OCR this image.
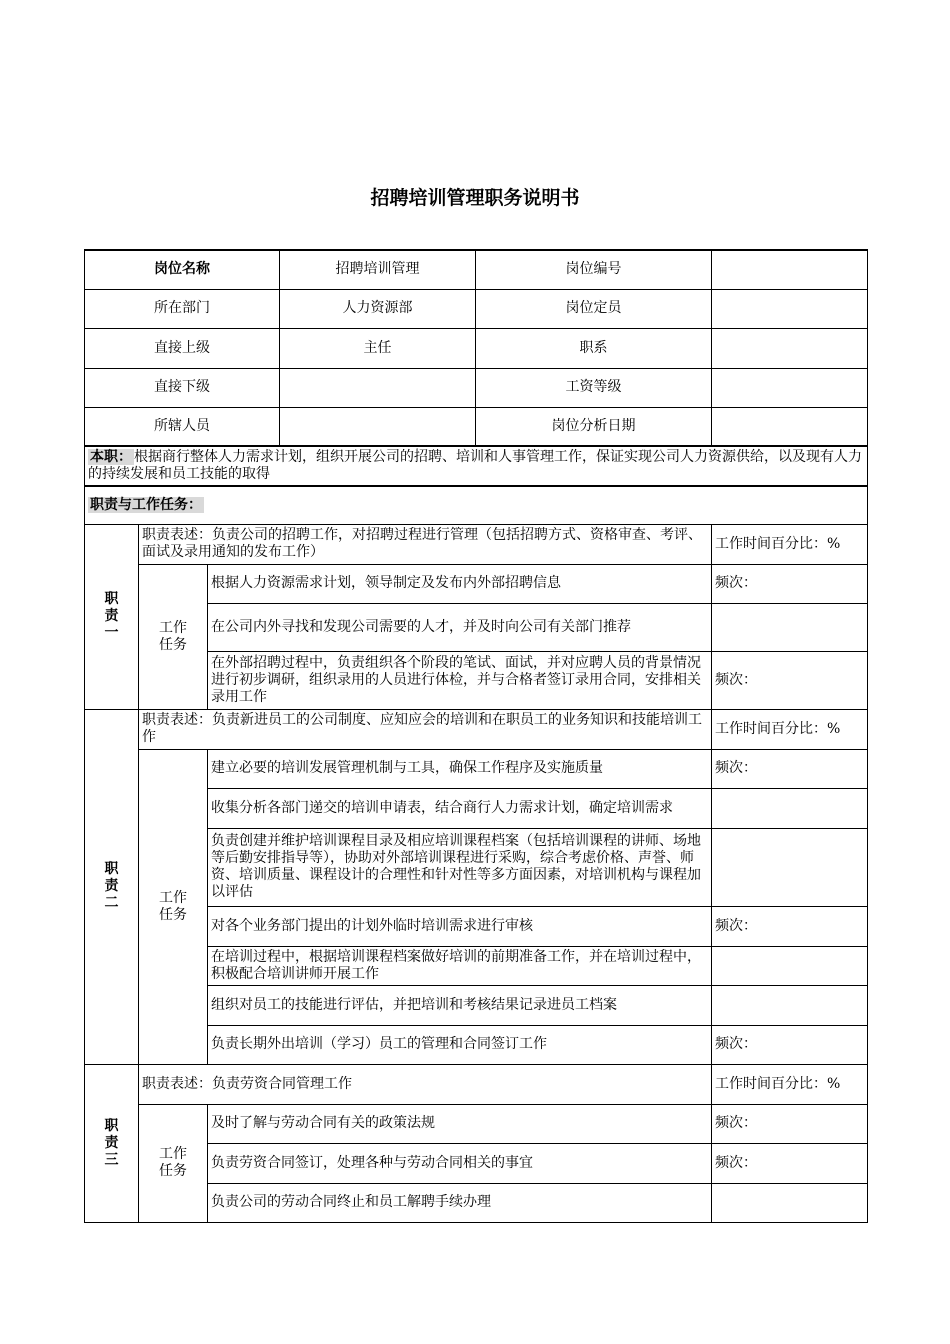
招聘培训管理职务说明书
岗位名称			招聘培训管理	岗位编号	
所在部门			人力资源部	岗位定员	
直接上级			主任	职系	
直接下级				工资等级	
所辖人员				岗位分析日期	
本职： 根据商行整体人力需求计划，组织开展公司的招聘、培训和人事管理工作，保证实现公司人力资源供给，以及现有人力的持续发展和员工技能的取得					
职责与工作任务：					
职责一	职责表述：负责公司的招聘工作，对招聘过程进行管理（包括招聘方式、资格审查、考评、面试及录用通知的发布工作）				工作时间百分比：%
	工作任务	根据人力资源需求计划，领导制定及发布内外部招聘信息			频次：
		在公司内外寻找和发现公司需要的人才，并及时向公司有关部门推荐			
		在外部招聘过程中，负责组织各个阶段的笔试、面试，并对应聘人员的背景情况进行初步调研，组织录用的人员进行体检，并与合格者签订录用合同，安排相关录用工作			频次：
职责二	职责表述：负责新进员工的公司制度、应知应会的培训和在职员工的业务知识和技能培训工作				工作时间百分比：%
	工作任务	建立必要的培训发展管理机制与工具，确保工作程序及实施质量			频次：
		收集分析各部门递交的培训申请表，结合商行人力需求计划，确定培训需求			
		负责创建并维护培训课程目录及相应培训课程档案（包括培训课程的讲师、场地等后勤安排指导等），协助对外部培训课程进行采购，综合考虑价格、声誉、师资、培训质量、课程设计的合理性和针对性等多方面因素，对培训机构与课程加以评估			
		对各个业务部门提出的计划外临时培训需求进行审核			频次：
		在培训过程中，根据培训课程档案做好培训的前期准备工作，并在培训过程中，积极配合培训讲师开展工作			
		组织对员工的技能进行评估，并把培训和考核结果记录进员工档案			
		负责长期外出培训（学习）员工的管理和合同签订工作			频次：
职责三	职责表述：负责劳资合同管理工作				工作时间百分比：%
	工作任务	及时了解与劳动合同有关的政策法规			频次：
		负责劳资合同签订，处理各种与劳动合同相关的事宜			频次：
		负责公司的劳动合同终止和员工解聘手续办理			
